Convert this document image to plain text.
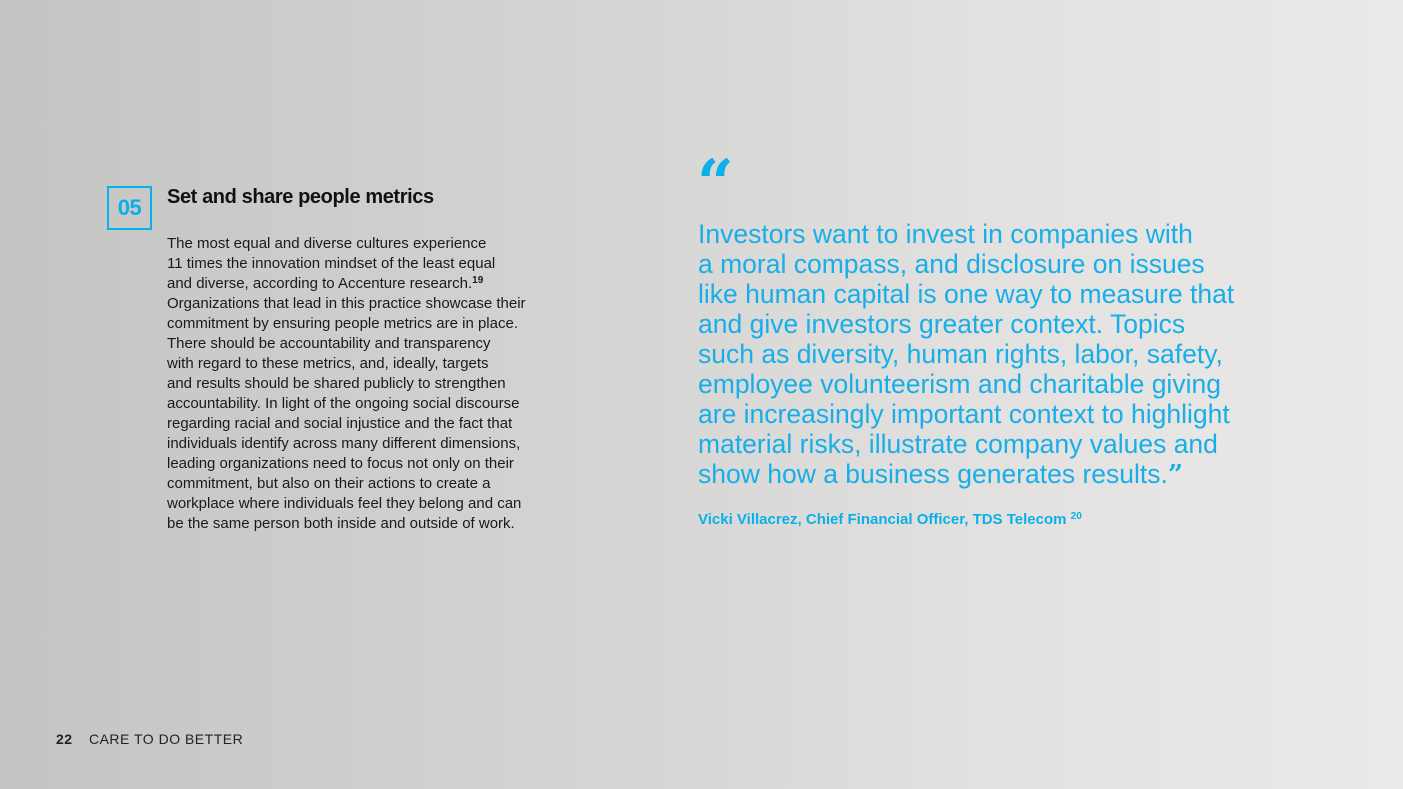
05	Set and share people metrics
The most equal and diverse cultures experience
11 times the innovation mindset of the least equal
and diverse, according to Accenture research.$^{19}$
Organizations that lead in this practice showcase their
commitment by ensuring people metrics are in place.
There should be accountability and transparency
with regard to these metrics, and, ideally, targets
and results should be shared publicly to strengthen
accountability. In light of the ongoing social discourse
regarding racial and social injustice and the fact that
individuals identify across many different dimensions,
leading organizations need to focus not only on their
commitment, but also on their actions to create a
workplace where individuals feel they belong and can
be the same person both inside and outside of work.
“
Investors want to invest in companies with
a moral compass, and disclosure on issues
like human capital is one way to measure that
and give investors greater context. Topics
such as diversity, human rights, labor, safety,
employee volunteerism and charitable giving
are increasingly important context to highlight
material risks, illustrate company values and
show how a business generates results.”

Vicki Villacrez, Chief Financial Officer, TDS Telecom $^{20}$

22 CARE TO DO BETTER
